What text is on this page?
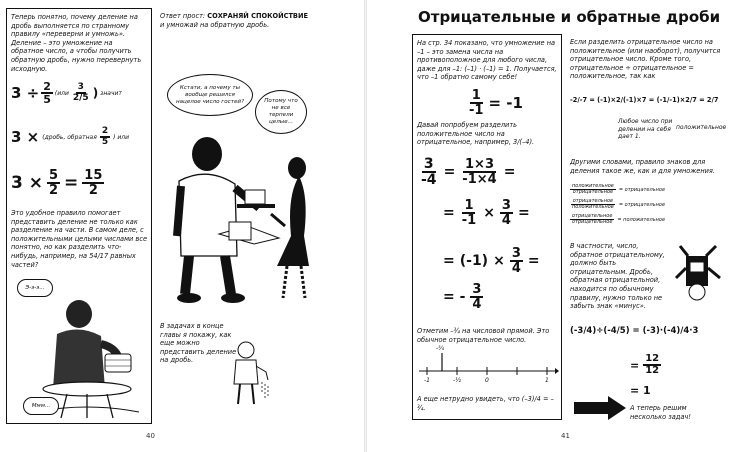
Теперь понятно, почему деление на дробь выполняется по странному правилу «переверни и умножь». Деление – это умножение на обратное число, а чтобы получить обратную дробь, нужно перевернуть исходную.
$3 \div \frac{2}{5} (или \frac{3}{2/5}$ ) значит
3 × (дробь, обратная $\frac{2}{5}$ ) или
$3 \times \frac{5}{2} = \frac{15}{2}$
Это удобное правило помогает представить деление не только как разделение на части. В самом деле, с положительными целыми числами все понятно, но как разделить что-нибудь, например, на 54/17 равных частей?
Э-э-э...
Ммм...
Ответ прост: СОХРАНЯЙ СПОКОЙСТВИЕ и умножай на обратную дробь.
Кстати, а почему ты вообще решился нацелое число гостей?	Потому что не все терпели целые...
В задачах в конце главы я покажу, как еще можно представить деление на дробь.
40
Отрицательные и обратные дроби
На стр. 34 показано, что умножение на –1 – это замена числа на противоположное для любого числа, даже для –1: (–1) · (–1) = 1. Получается, что –1 обратно самому себе!
$\frac{1}{-1} = -1$
Давай попробуем разделить положительное число на отрицательное, например, 3/(–4).
$\frac{3}{-4} = \frac{1\times 3}{-1\times 4}$ =
= $\frac{1}{-1} \times \frac{3}{4}$ =
= $(-1) \times \frac{3}{4}$ =
= - $\frac{3}{4}$
Отметим –¾ на числовой прямой. Это обычное отрицательное число.
-¾
-1	-½	0	1
А еще нетрудно увидеть, что (–3)/4 = –¾.
Если разделить отрицательное число на положительное (или наоборот), получится отрицательное число. Кроме того, отрицательное ÷ отрицательное = положительное, так как
-2/-7 = (-1)×2/(-1)×7 = (-1/-1)×2/7 = 2/7
Любое число при делении на себя дает 1.
положительное
Другими словами, правило знаков для деления такое же, как и для умножения.
$\frac{\text{положительное}}{\text{отрицательное}}$ = отрицательное
$\frac{\text{отрицательное}}{\text{положительное}}$ = отрицательное
$\frac{\text{отрицательное}}{\text{отрицательное}}$ = положительное
В частности, число, обратное отрицательному, должно быть отрицательным. Дробь, обратная отрицательной, находится по обычному правилу, нужно только не забыть знак «минус».
(-3/4)÷(-4/5) = (-3)·(-4)/4·3
= $\frac{12}{12}$
= 1
А теперь решим несколько задач!
41
